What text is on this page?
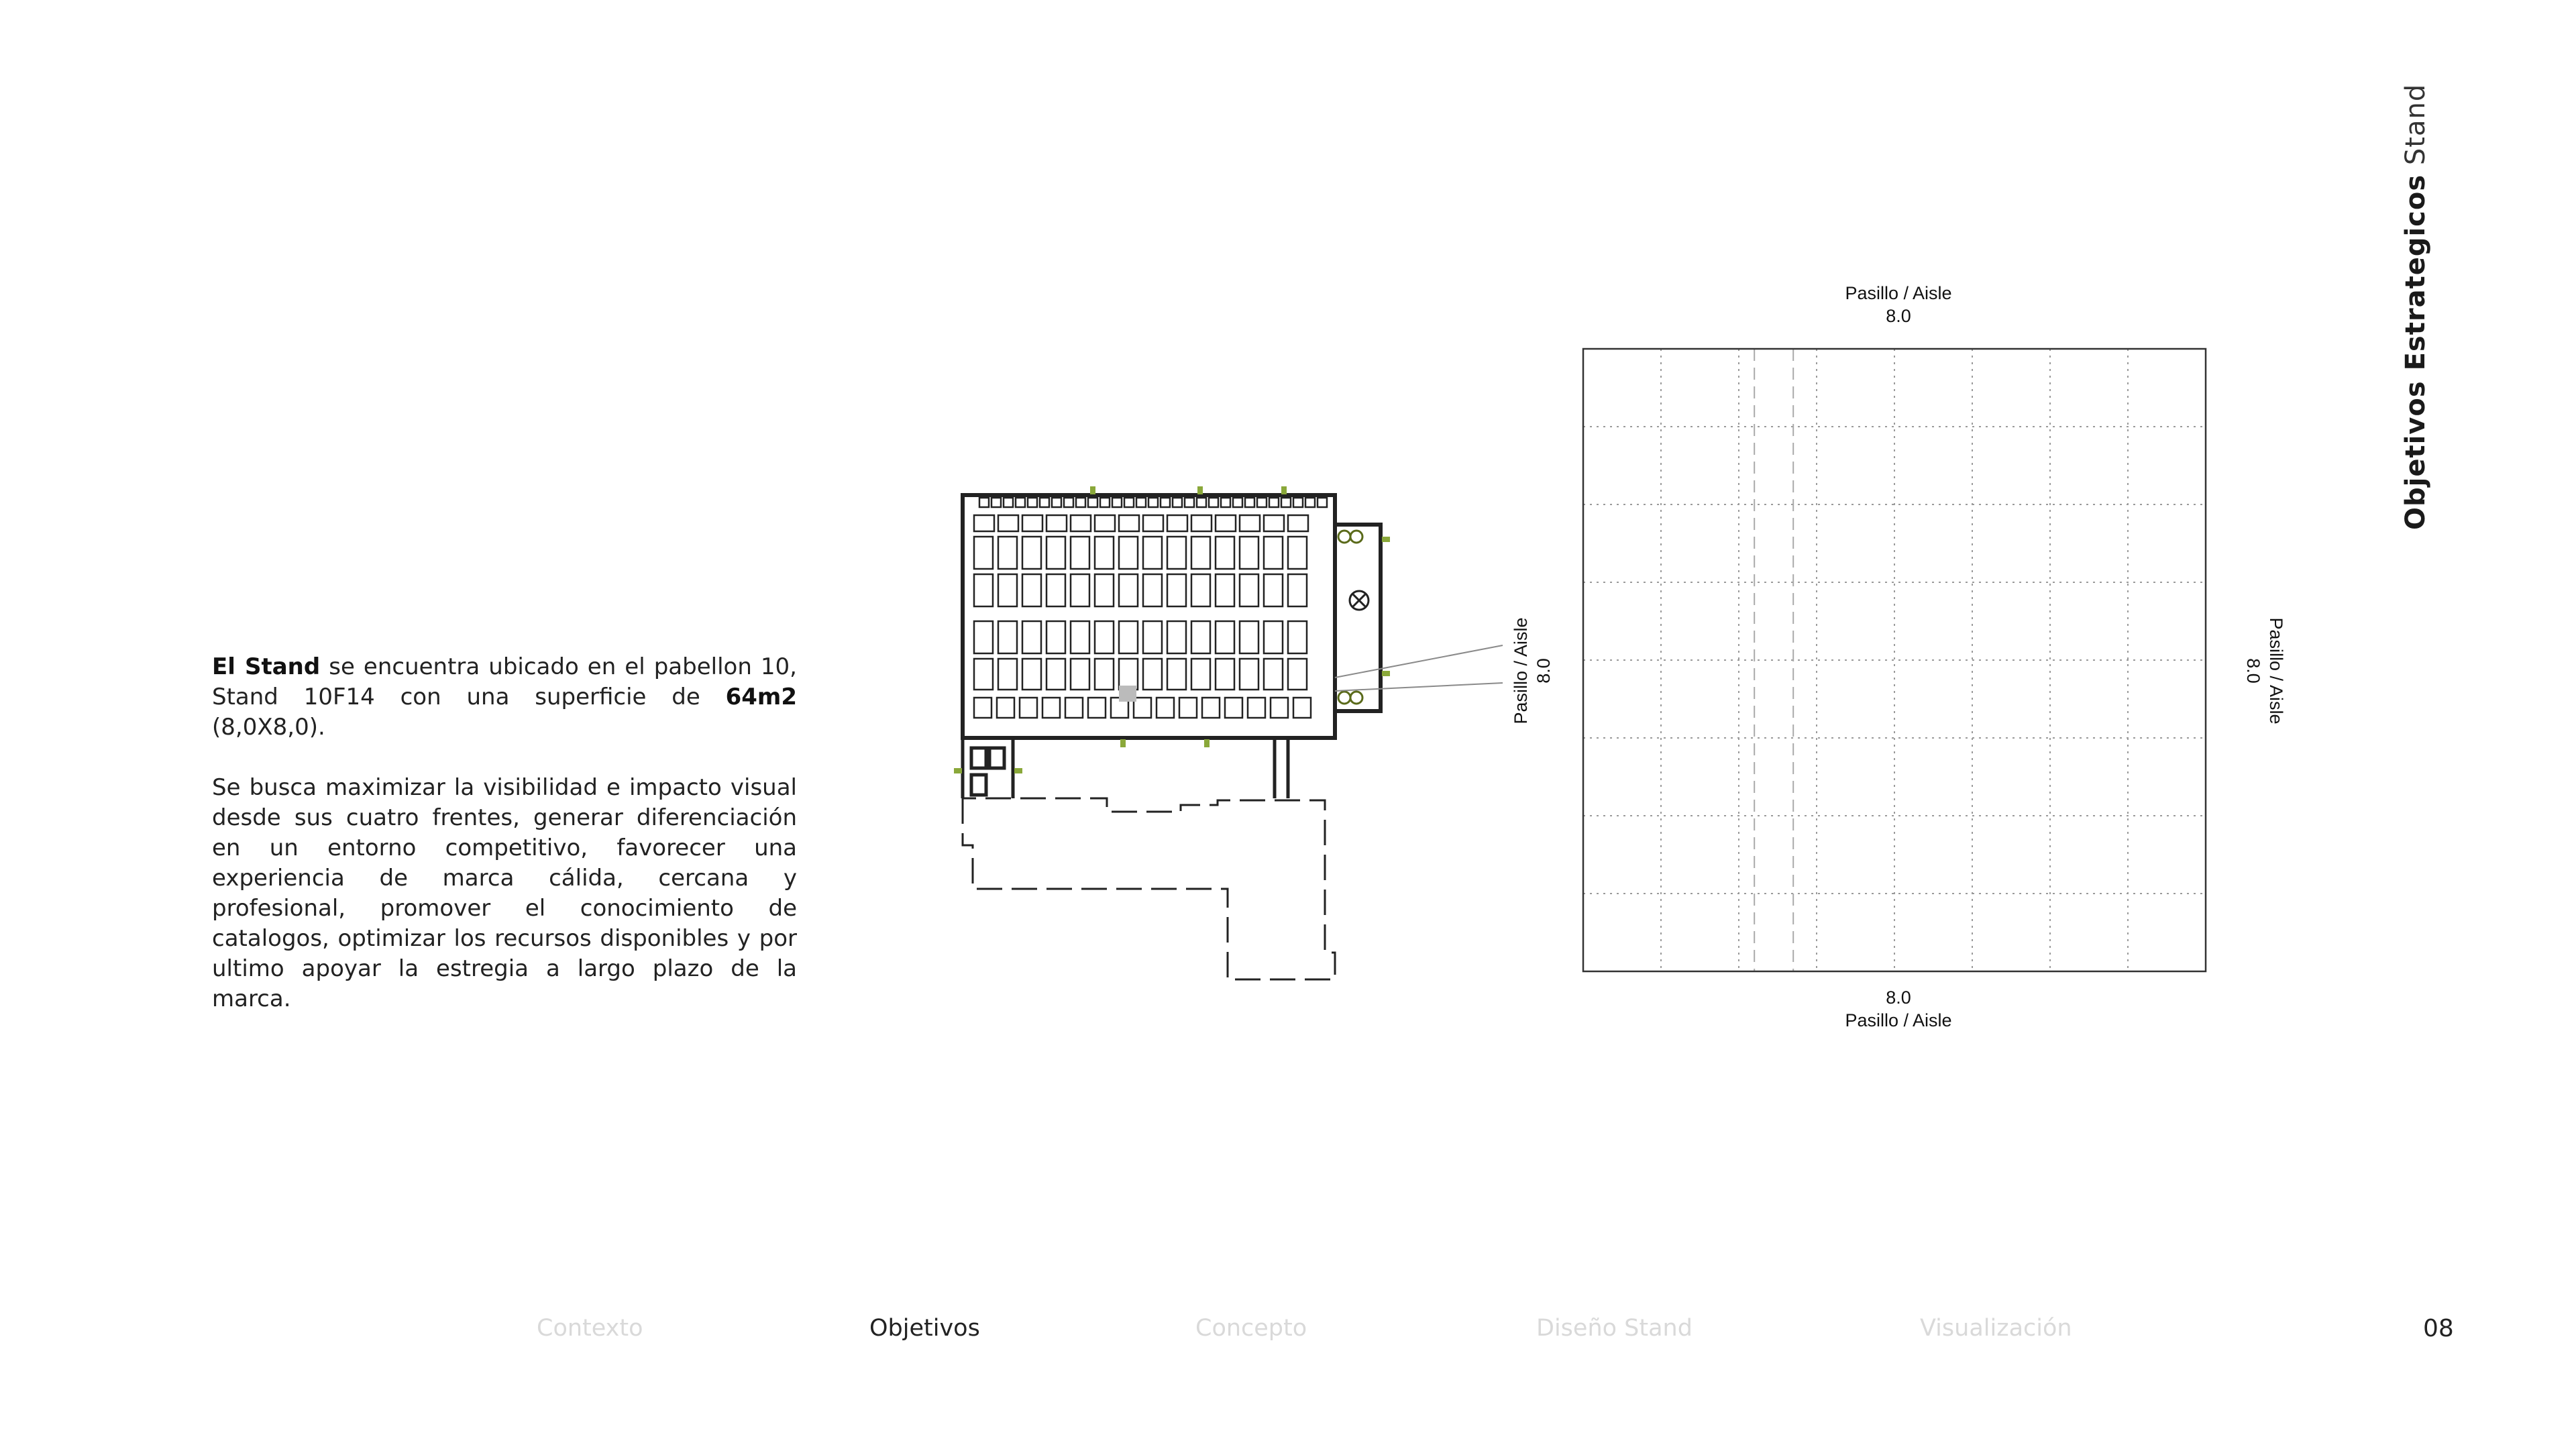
Objetivos Estrategicos Stand

El Stand se encuentra ubicado en el pabellon 10, Stand 10F14 con una superficie de 64m2 (8,0X8,0).

Se busca maximizar la visibilidad e impacto visual desde sus cuatro frentes, generar diferenciación en un entorno competitivo, favorecer una experiencia de marca cálida, cercana y profesional, promover el conocimiento de catalogos, optimizar los recursos disponibles y por ultimo apoyar la estregia a largo plazo de la marca.

Pasillo / Aisle
8.0
8.0
Pasillo / Aisle
Pasillo / Aisle 8.0	Pasillo / Aisle
8.0
Contexto	Objetivos	Concepto	Diseño Stand	Visualización	08
